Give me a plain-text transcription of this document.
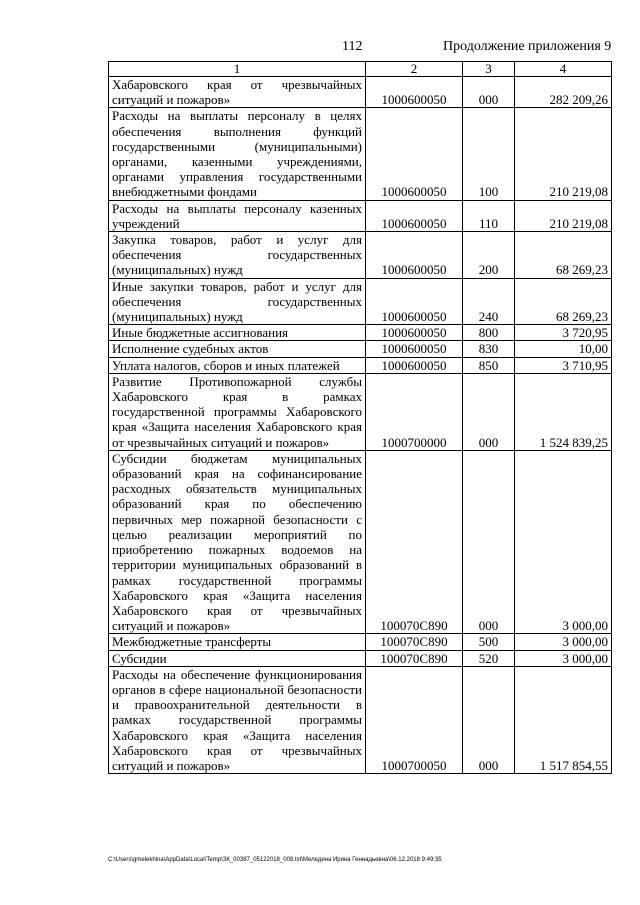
112	Продолжение приложения 9
1	2	3	4
Хабаровского края от чрезвычайных ситуаций и пожаров»	1000600050	000	282 209,26
Расходы на выплаты персоналу в целях обеспечения выполнения функций государственными (муниципальными) органами, казенными учреждениями, органами управления государственными внебюджетными фондами	1000600050	100	210 219,08
Расходы на выплаты персоналу казенных учреждений	1000600050	110	210 219,08
Закупка товаров, работ и услуг для обеспечения государственных (муниципальных) нужд	1000600050	200	68 269,23
Иные закупки товаров, работ и услуг для обеспечения государственных (муниципальных) нужд	1000600050	240	68 269,23
Иные бюджетные ассигнования	1000600050	800	3 720,95
Исполнение судебных актов	1000600050	830	10,00
Уплата налогов, сборов и иных платежей	1000600050	850	3 710,95
Развитие Противопожарной службы Хабаровского края в рамках государственной программы Хабаровского края «Защита населения Хабаровского края от чрезвычайных ситуаций и пожаров»	1000700000	000	1 524 839,25
Субсидии бюджетам муниципальных образований края на софинансирование расходных обязательств муниципальных образований края по обеспечению первичных мер пожарной безопасности с целью реализации мероприятий по приобретению пожарных водоемов на территории муниципальных образований в рамках государственной программы Хабаровского края «Защита населения Хабаровского края от чрезвычайных ситуаций и пожаров»	100070С890	000	3 000,00
Межбюджетные трансферты	100070С890	500	3 000,00
Субсидии	100070С890	520	3 000,00
Расходы на обеспечение функционирования органов в сфере национальной безопасности и правоохранительной деятельности в рамках государственной программы Хабаровского края «Защита населения Хабаровского края от чрезвычайных ситуаций и пожаров»	1000700050	000	1 517 854,55
C:\Users\gmelekhina\AppData\Local\Temp\ЗК_00387_05122018_009.txt\Меледина Ирина Геннадьевна\06.12.2018 9:49:35
